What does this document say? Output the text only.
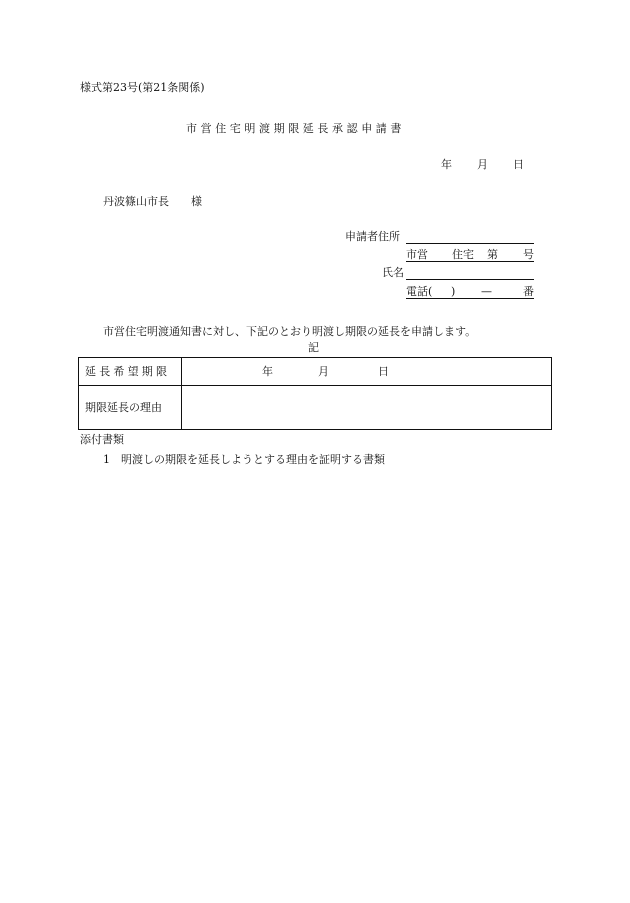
様式第23号(第21条関係)
市営住宅明渡期限延長承認申請書
年 月 日
丹波篠山市長　　様
申請者住所
市営 住宅 第 号
氏名
電話( ) —	番
市営住宅明渡通知書に対し、下記のとおり明渡し期限の延長を申請します。
記
延長希望期限	年 月 日

期限延長の理由	
添付書類
1　明渡しの期限を延長しようとする理由を証明する書類
